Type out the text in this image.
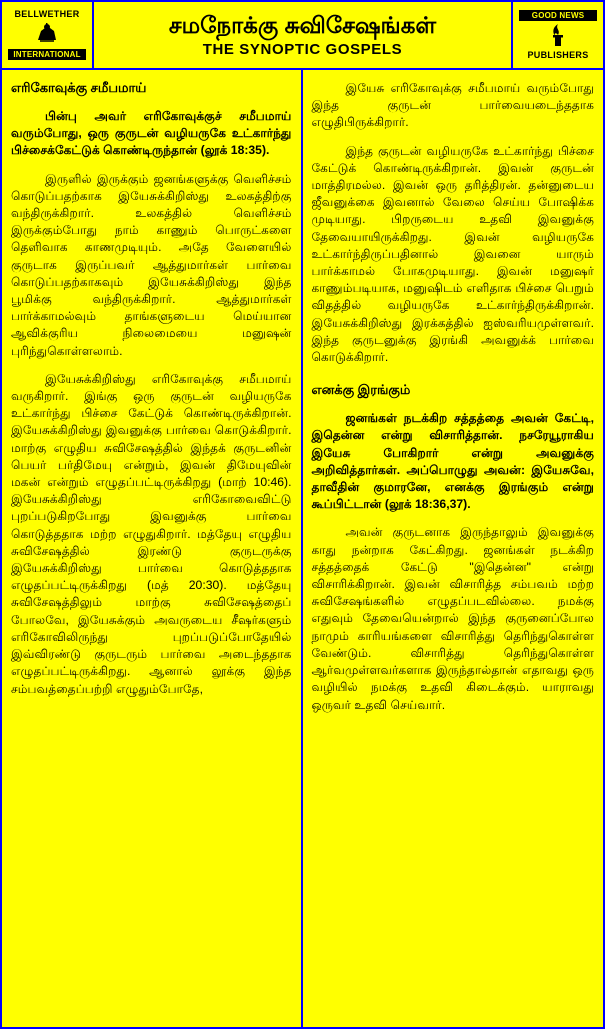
BELLWETHER
INTERNATIONAL
சமநோக்கு சுவிசேஷங்கள்
THE SYNOPTIC GOSPELS
GOOD NEWS
PUBLISHERS
எரிகோவுக்கு சமீபமாய்

பின்பு அவர் எரிகோவுக்குச் சமீபமாய் வரும்போது, ஒரு குருடன் வழியருகே உட்கார்ந்து பிச்சைக்கேட்டுக் கொண்டிருந்தான் (லூக் 18:35).

இருளில் இருக்கும் ஜனங்களுக்கு வெளிச்சம் கொடுப்பதற்காக இயேசுக்கிறிஸ்து உலகத்திற்கு வந்திருக்கிறார். உலகத்தில் வெளிச்சம் இருக்கும்போது நாம் காணும் பொருட்களை தெளிவாக காணமுடியும். அதே வேளையில் குருடாக இருப்பவர் ஆத்துமார்கள் பார்வை கொடுப்பதற்காகவும் இயேசுக்கிறிஸ்து இந்த பூமிக்கு வந்திருக்கிறார். ஆத்துமார்கள் பார்க்காமல்வும் தாங்களுடைய மெய்யான ஆவிக்குரிய நிலைமையை மனுஷன் புரிந்துகொள்ளலாம்.

இயேசுக்கிறிஸ்து எரிகோவுக்கு சமீபமாய் வருகிறார். இங்கு ஒரு குருடன் வழியருகே உட்கார்ந்து பிச்சை கேட்டுக் கொண்டிருக்கிறான். இயேசுக்கிறிஸ்து இவனுக்கு பார்வை கொடுக்கிறார். மாற்கு எழுதிய சுவிசேஷத்தில் இந்தக் குருடனின் பெயர் பர்திமேயு என்றும், இவன் திமேயுவின் மகன் என்றும் எழுதப்பட்டிருக்கிறது (மாற் 10:46). இயேசுக்கிறிஸ்து எரிகோவைவிட்டு புறப்படுகிறபோது இவனுக்கு பார்வை கொடுத்ததாக மற்ற எழுதுகிறார். மத்தேயு எழுதிய சுவிசேஷத்தில் இரண்டு குருடருக்கு இயேசுக்கிறிஸ்து பார்வை கொடுத்ததாக எழுதப்பட்டிருக்கிறது (மத் 20:30). மத்தேயு சுவிசேஷத்திலும் மாற்கு சுவிசேஷத்தைப் போலவே, இயேசுக்கும் அவருடைய சீஷர்களும் எரிகோவிலிருந்து புறப்படுப்போதேயில் இவ்விரண்டு குருடரும் பார்வை அடைந்ததாக எழுதப்பட்டிருக்கிறது. ஆனால் லூக்கு இந்த சம்பவத்தைப்பற்றி எழுதும்போதே,

இயேசு எரிகோவுக்கு சமீபமாய் வரும்போது இந்த குருடன் பார்வையடைந்ததாக எழுதிபிருக்கிறார்.

இந்த குருடன் வழியருகே உட்கார்ந்து பிச்சை கேட்டுக் கொண்டிருக்கிறான். இவன் குருடன் மாத்திரமல்ல. இவன் ஒரு தரித்திரன். தன்னுடைய ஜீவனுக்கை இவனால் வேலை செய்ய போஷிக்க முடியாது. பிறருடைய உதவி இவனுக்கு தேவையாயிருக்கிறது. இவன் வழியருகே உட்கார்ந்திருப்பதினால் இவனை யாரும் பார்க்காமல் போகமுடியாது. இவன் மனுஷர் காணும்படியாக, மனுஷிடம் எளிதாக பிச்சை பெறும் விதத்தில் வழியருகே உட்கார்ந்திருக்கிறான். இயேசுக்கிறிஸ்து இரக்கத்தில் ஐஸ்வரியமுள்ளவர். இந்த குருடனுக்கு இரங்கி அவனுக்க் பார்வை கொடுக்கிறார்.

எனக்கு இரங்கும்

ஜனங்கள் நடக்கிற சத்தத்தை அவன் கேட்டி, இதென்ன என்று விசாரித்தான். நசரேயூராகிய இயேசு போகிறார் என்று அவனுக்கு அறிவித்தார்கள். அப்பொழுது அவன்: இயேசுவே, தாவீதின் குமாரனே, எனக்கு இரங்கும் என்று கூப்பிட்டான் (லூக் 18:36,37).

அவன் குருடனாக இருந்தாலும் இவனுக்கு காது நன்றாக கேட்கிறது. ஜனங்கள் நடக்கிற சத்தத்தைக் கேட்டு "இதென்ன" என்று விசாரிக்கிறான். இவன் விசாரித்த சம்பவம் மற்ற சுவிசேஷங்களில் எழுதப்படவில்லை. நமக்கு எதுவும் தேவையென்றால் இந்த குருனைப்போல நாமும் காரியங்களை விசாரித்து தெரிந்துகொள்ள வேண்டும். விசாரித்து தெரிந்துகொள்ள ஆர்வமுள்ளவர்களாக இருந்தால்தான் எதாவது ஒரு வழியில் நமக்கு உதவி கிடைக்கும். யாராவது ஒருவர் உதவி செய்வார்.
